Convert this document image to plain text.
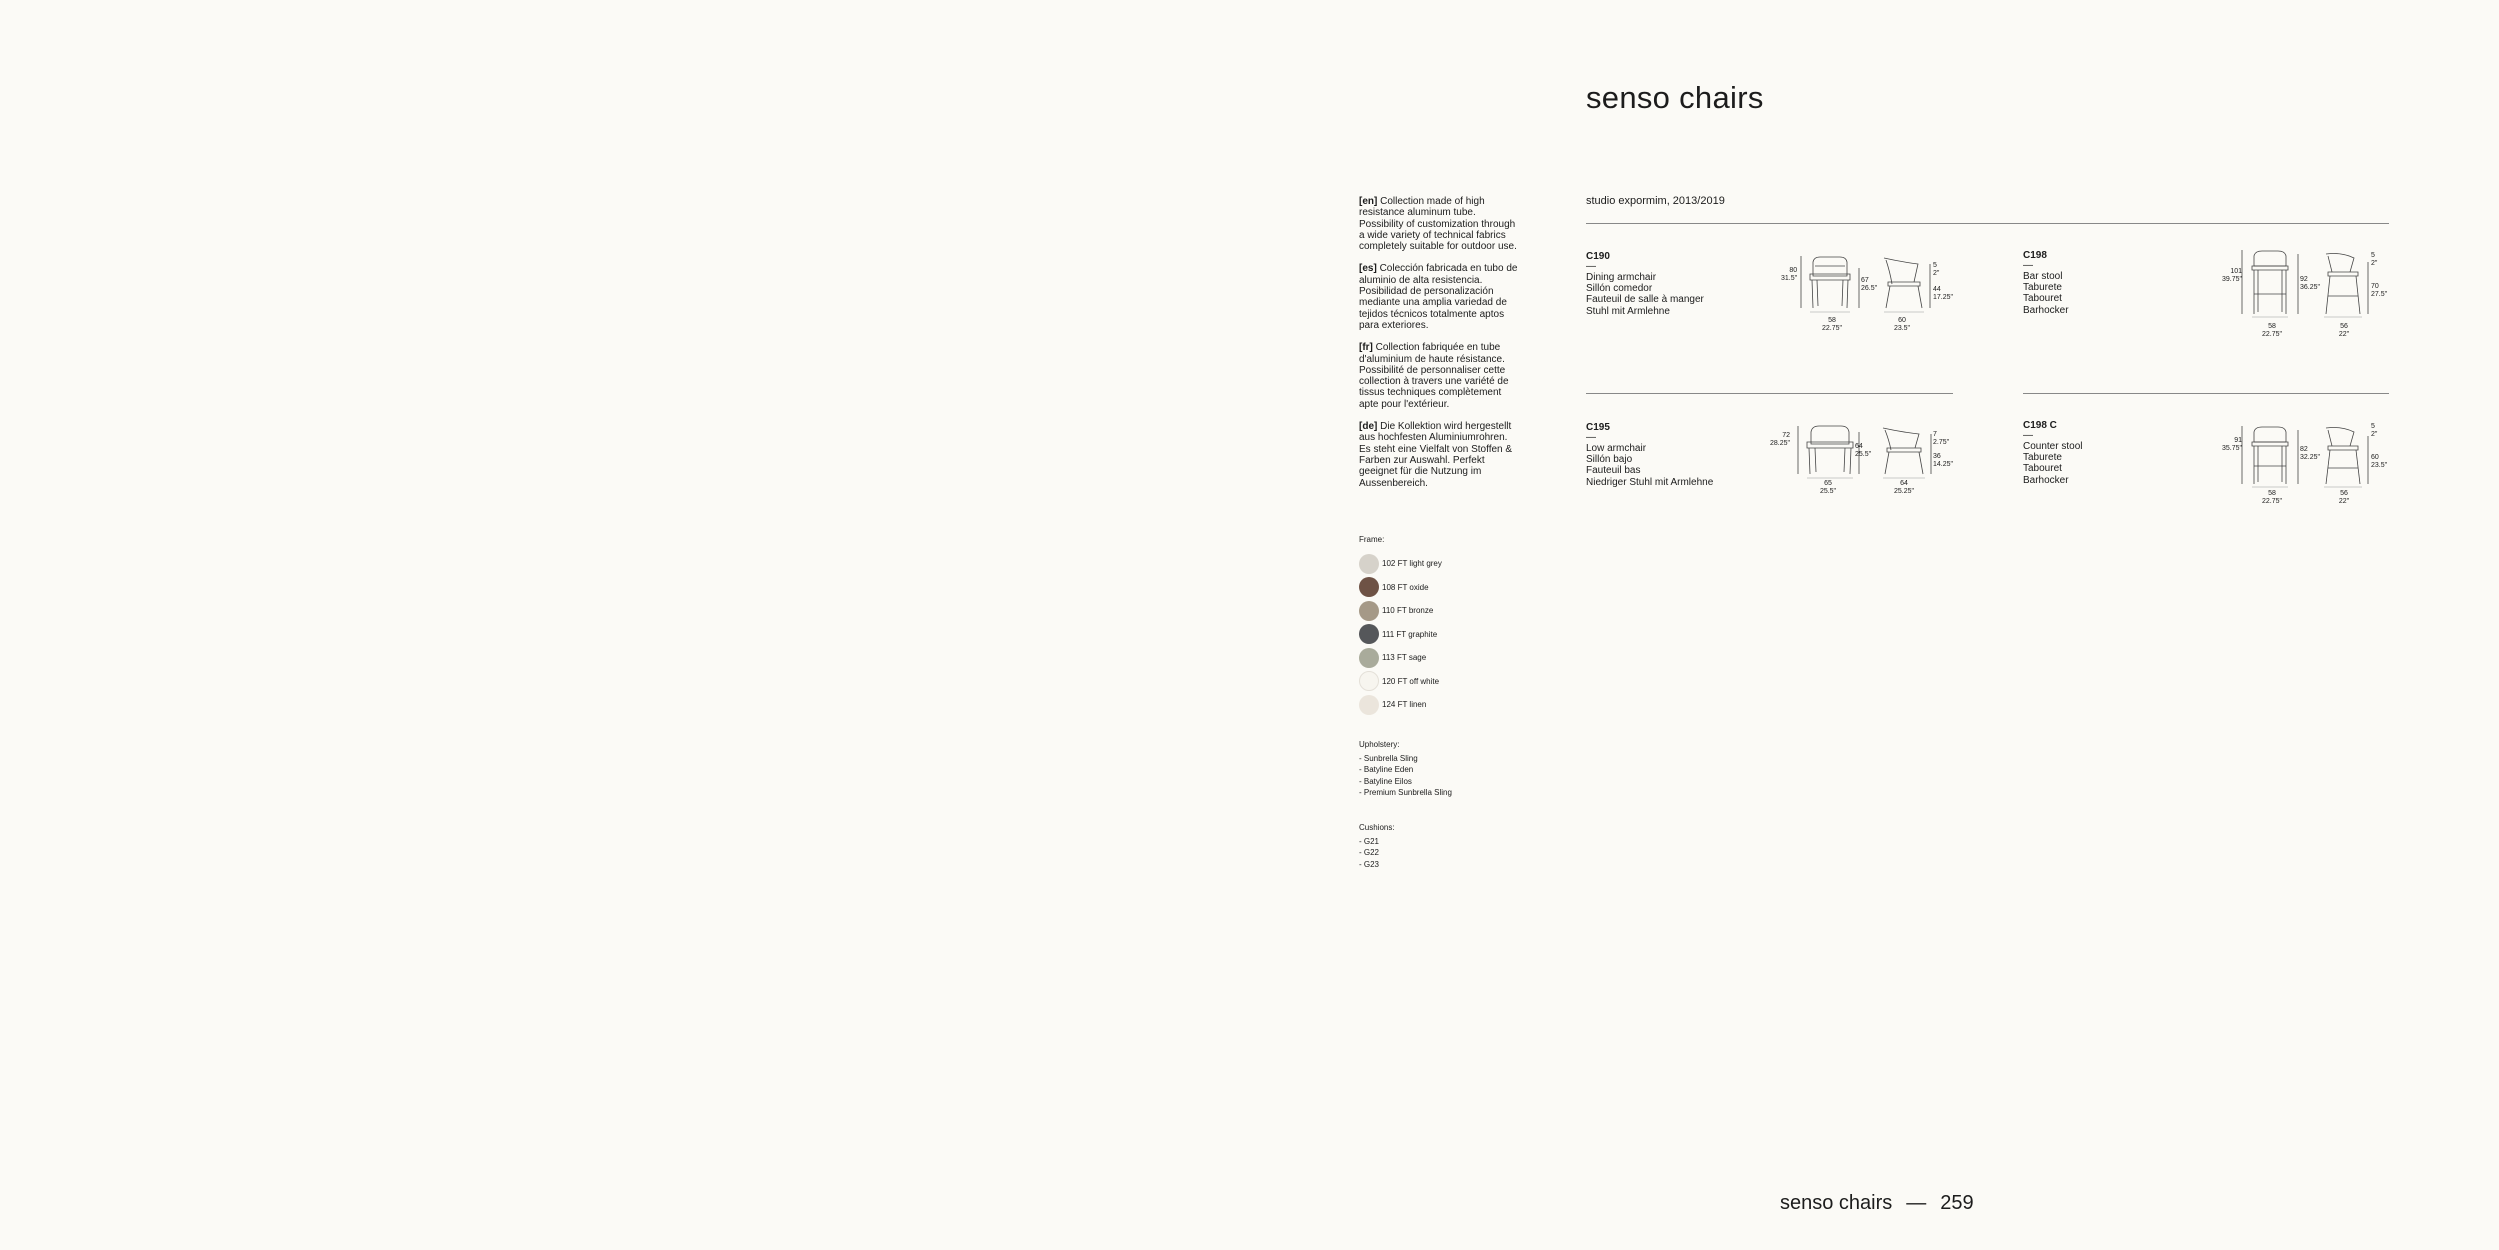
senso chairs

[en] Collection made of high resistance aluminum tube. Possibility of customization through a wide variety of technical fabrics completely suitable for outdoor use.

[es] Colección fabricada en tubo de aluminio de alta resistencia. Posibilidad de personalización mediante una amplia variedad de tejidos técnicos totalmente aptos para exteriores.

[fr] Collection fabriquée en tube d'aluminium de haute résistance. Possibilité de personnaliser cette collection à travers une variété de tissus techniques complètement apte pour l'extérieur.

[de] Die Kollektion wird hergestellt aus hochfesten Aluminiumrohren. Es steht eine Vielfalt von Stoffen & Farben zur Auswahl. Perfekt geeignet für die Nutzung im Aussenbereich.

Frame:
102 FT light grey
108 FT oxide
110 FT bronze
111 FT graphite
113 FT sage
120 FT off white
124 FT linen
Upholstery:
- Sunbrella Sling
- Batyline Eden
- Batyline Eilos
- Premium Sunbrella Sling
Cushions:
- G21
- G22
- G23
studio expormim, 2013/2019
C190
—
Dining armchair
Sillón comedor
Fauteuil de salle à manger
Stuhl mit Armlehne
C198
—
Bar stool
Taburete
Tabouret
Barhocker
C195
—
Low armchair
Sillón bajo
Fauteuil bas
Niedriger Stuhl mit Armlehne
C198 C
—
Counter stool
Taburete
Tabouret
Barhocker
80
31.5"	67
26.5"
58
22.75"
5
2"
44
17.25"
60
23.5"
101
39.75"	92
36.25"
58
22.75"
5
2"
70
27.5"
56
22"
72
28.25"	64
25.5"
65
25.5"
7
2.75"
36
14.25"
64
25.25"
91
35.75"	82
32.25"
58
22.75"
5
2"
60
23.5"
56
22"
senso chairs — 259
